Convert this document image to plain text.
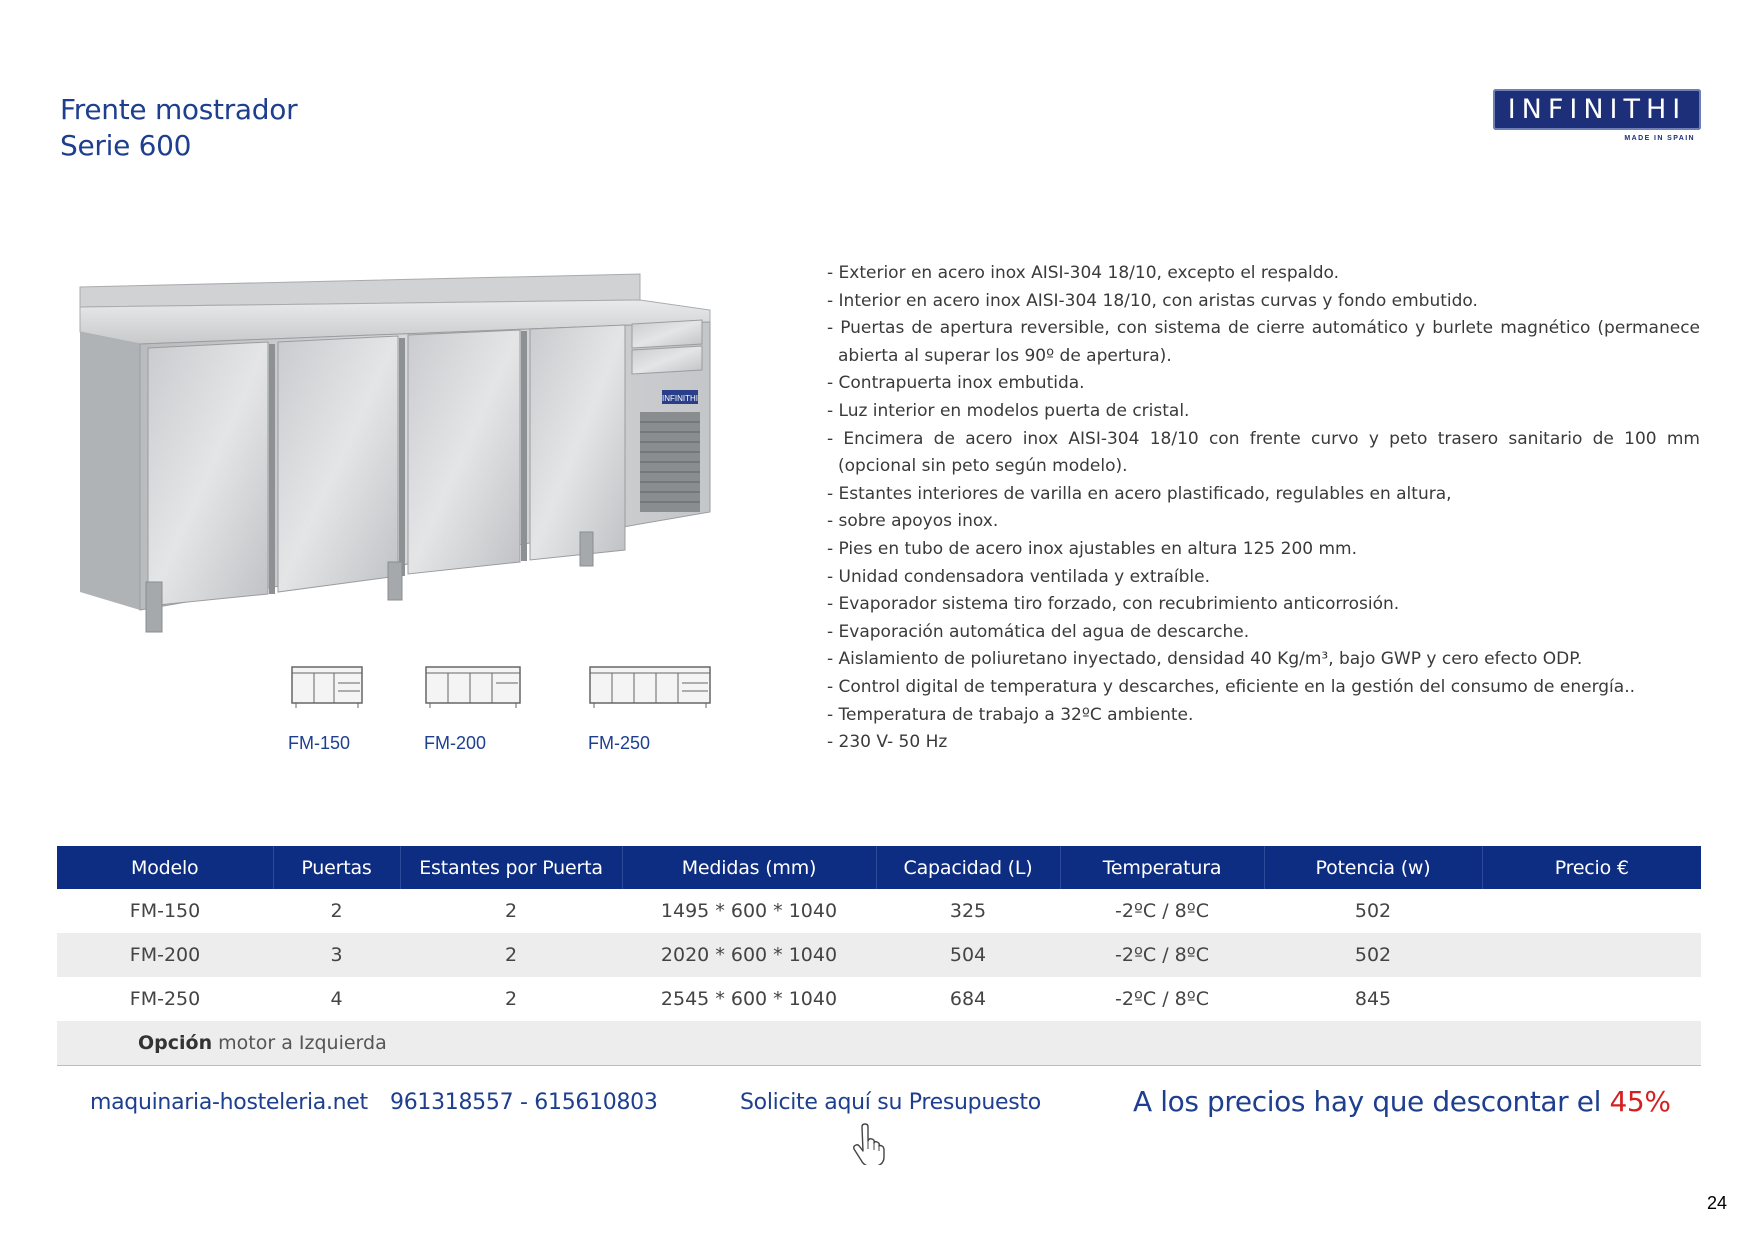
Frente mostrador
Serie 600
INFINITHI
MADE IN SPAIN
INFINITHI
FM-150	FM-200	FM-250
- Exterior en acero inox AISI-304 18/10, excepto el respaldo.
- Interior en acero inox AISI-304 18/10, con aristas curvas y fondo embutido.
- Puertas de apertura reversible, con sistema de cierre automático y burlete magnético (permanece abierta al superar los 90º de apertura).
- Contrapuerta inox embutida.
- Luz interior en modelos puerta de cristal.
- Encimera de acero inox AISI-304 18/10 con frente curvo y peto trasero sanitario de 100 mm (opcional sin peto según modelo).
- Estantes interiores de varilla en acero plastificado, regulables en altura,
- sobre apoyos inox.
- Pies en tubo de acero inox ajustables en altura 125 200 mm.
- Unidad condensadora ventilada y extraíble.
- Evaporador sistema tiro forzado, con recubrimiento anticorrosión.
- Evaporación automática del agua de descarche.
- Aislamiento de poliuretano inyectado, densidad 40 Kg/m³, bajo GWP y cero efecto ODP.
- Control digital de temperatura y descarches, eficiente en la gestión del consumo de energía..
- Temperatura de trabajo a 32ºC ambiente.
- 230 V- 50 Hz
Modelo	Puertas	Estantes por Puerta	Medidas (mm)	Capacidad (L)	Temperatura	Potencia (w)	Precio €
FM-150	2	2	1495 * 600 * 1040	325	-2ºC / 8ºC	502	
FM-200	3	2	2020 * 600 * 1040	504	-2ºC / 8ºC	502	
FM-250	4	2	2545 * 600 * 1040	684	-2ºC / 8ºC	845	
Opción motor a Izquierda							
maquinaria-hosteleria.net 961318557 - 615610803	Solicite aquí su Presupuesto	A los precios hay que descontar el 45%
24
